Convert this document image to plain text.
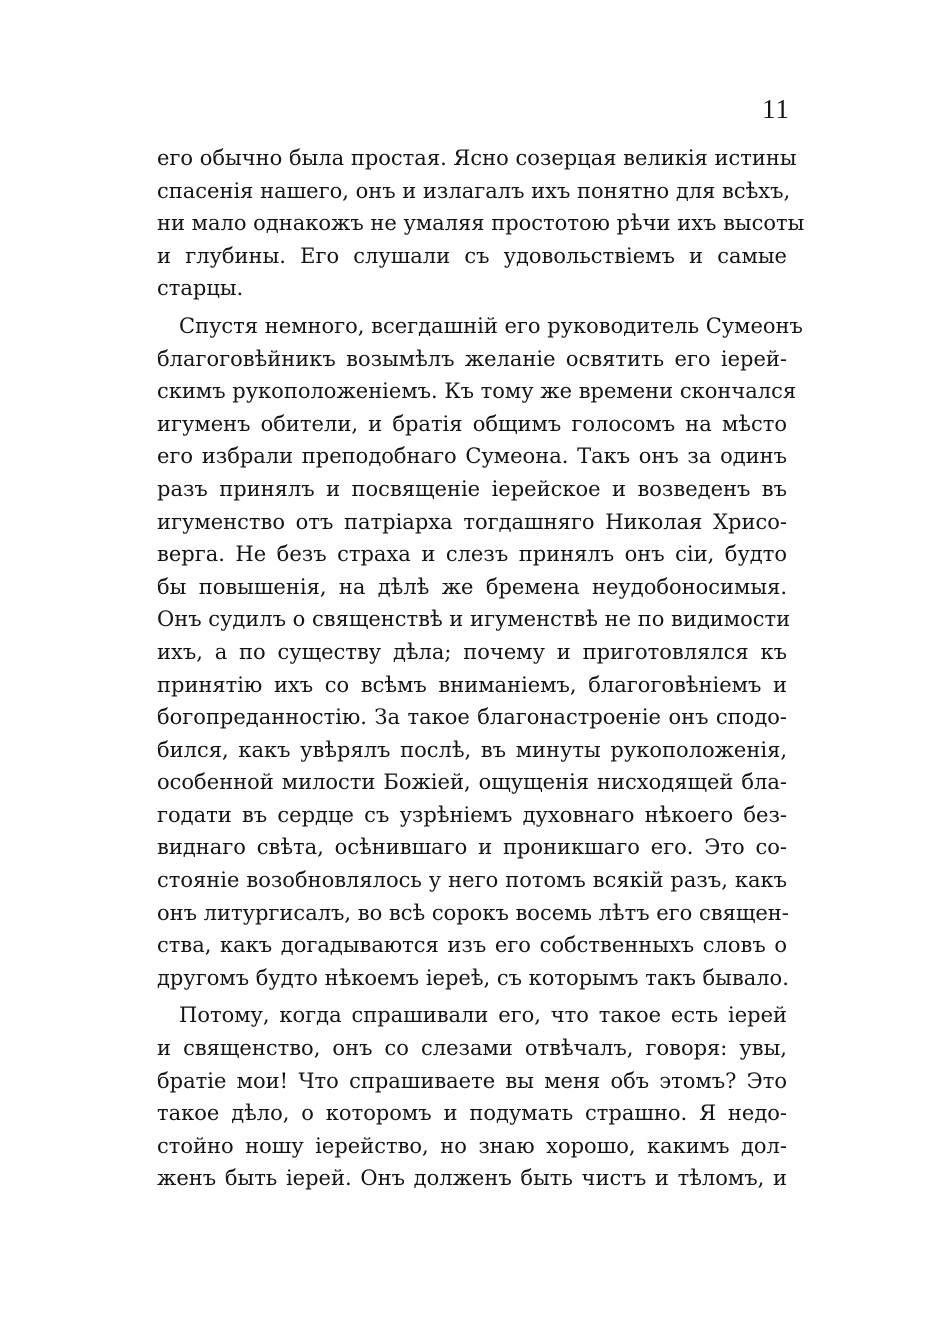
11
его обычно была простая. Ясно созерцая великія истины
спасенія нашего, онъ и излагалъ ихъ понятно для всѣхъ,
ни мало однакожъ не умаляя простотою рѣчи ихъ высоты
и глубины. Его слушали съ удовольствіемъ и самые
старцы.
Спустя немного, всегдашній его руководитель Сумеонъ
благоговѣйникъ возымѣлъ желаніе освятить его іерей-
скимъ рукоположеніемъ. Къ тому же времени скончался
игуменъ обители, и братія общимъ голосомъ на мѣсто
его избрали преподобнаго Сумеона. Такъ онъ за одинъ
разъ принялъ и посвященіе іерейское и возведенъ въ
игуменство отъ патріарха тогдашняго Николая Хрисо-
верга. Не безъ страха и слезъ принялъ онъ сіи, будто
бы повышенія, на дѣлѣ же бремена неудобоносимыя.
Онъ судилъ о священствѣ и игуменствѣ не по видимости
ихъ, а по существу дѣла; почему и приготовлялся къ
принятію ихъ со всѣмъ вниманіемъ, благоговѣніемъ и
богопреданностію. За такое благонастроеніе онъ сподо-
бился, какъ увѣрялъ послѣ, въ минуты рукоположенія,
особенной милости Божіей, ощущенія нисходящей бла-
годати въ сердце съ узрѣніемъ духовнаго нѣкоего без-
виднаго свѣта, осѣнившаго и проникшаго его. Это со-
стояніе возобновлялось у него потомъ всякій разъ, какъ
онъ литургисалъ, во всѣ сорокъ восемь лѣтъ его священ-
ства, какъ догадываются изъ его собственныхъ словъ о
другомъ будто нѣкоемъ іереѣ, съ которымъ такъ бывало.
Потому, когда спрашивали его, что такое есть іерей
и священство, онъ со слезами отвѣчалъ, говоря: увы,
братіе мои! Что спрашиваете вы меня объ этомъ? Это
такое дѣло, о которомъ и подумать страшно. Я недо-
стойно ношу іерейство, но знаю хорошо, какимъ дол-
женъ быть іерей. Онъ долженъ быть чистъ и тѣломъ, и
